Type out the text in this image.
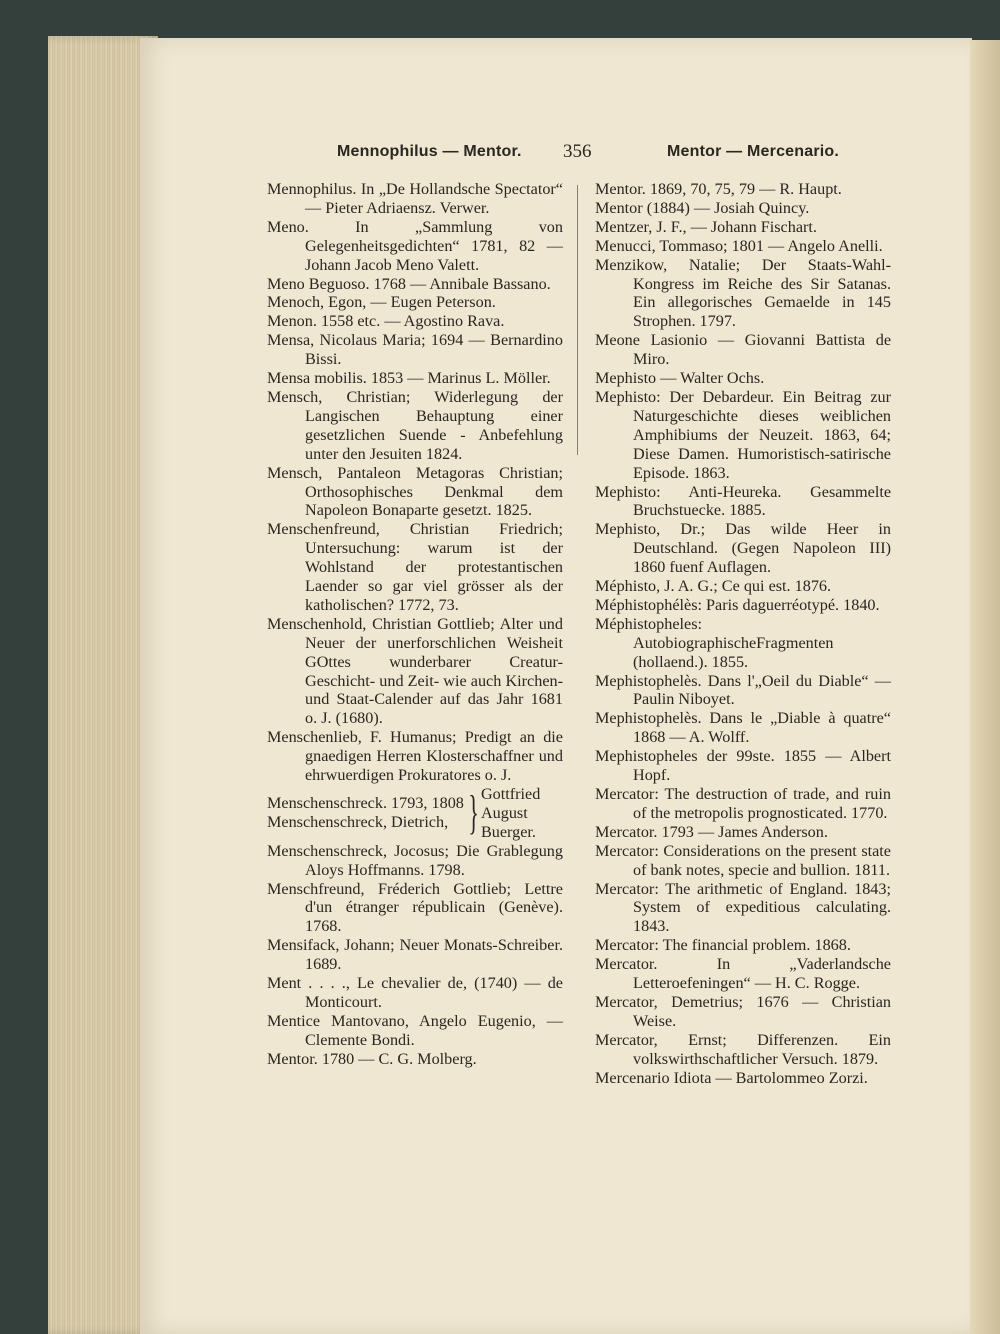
Mennophilus — Mentor. 356	Mentor — Mercenario.
Mennophilus. In „De Hollandsche Spectator“ — Pieter Adriaensz. Verwer.
Meno. In „Sammlung von Gelegenheitsgedichten“ 1781, 82 — Johann Jacob Meno Valett.
Meno Beguoso. 1768 — Annibale Bassano.
Menoch, Egon, — Eugen Peterson.
Menon. 1558 etc. — Agostino Rava.
Mensa, Nicolaus Maria; 1694 — Bernardino Bissi.
Mensa mobilis. 1853 — Marinus L. Möller.
Mensch, Christian; Widerlegung der Langischen Behauptung einer gesetzlichen Suende - Anbefehlung unter den Jesuiten 1824.
Mensch, Pantaleon Metagoras Christian; Orthosophisches Denkmal dem Napoleon Bonaparte gesetzt. 1825.
Menschenfreund, Christian Friedrich; Untersuchung: warum ist der Wohlstand der protestantischen Laender so gar viel grösser als der katholischen? 1772, 73.
Menschenhold, Christian Gottlieb; Alter und Neuer der unerforschlichen Weisheit GOttes wunderbarer Creatur- Geschicht- und Zeit- wie auch Kirchen- und Staat-Calender auf das Jahr 1681 o. J. (1680).
Menschenlieb, F. Humanus; Predigt an die gnaedigen Herren Klosterschaffner und ehrwuerdigen Prokuratores o. J.
Menschenschreck. 1793, 1808
Menschenschreck, Dietrich, } Gottfried
August
Buerger.
Menschenschreck, Jocosus; Die Grablegung Aloys Hoffmanns. 1798.
Menschfreund, Fréderich Gottlieb; Lettre d'un étranger républicain (Genève). 1768.
Mensifack, Johann; Neuer Monats-Schreiber. 1689.
Ment . . . ., Le chevalier de, (1740) — de Monticourt.
Mentice Mantovano, Angelo Eugenio, — Clemente Bondi.
Mentor. 1780 — C. G. Molberg.
Mentor. 1869, 70, 75, 79 — R. Haupt.
Mentor (1884) — Josiah Quincy.
Mentzer, J. F., — Johann Fischart.
Menucci, Tommaso; 1801 — Angelo Anelli.
Menzikow, Natalie; Der Staats-Wahl-Kongress im Reiche des Sir Satanas. Ein allegorisches Gemaelde in 145 Strophen. 1797.
Meone Lasionio — Giovanni Battista de Miro.
Mephisto — Walter Ochs.
Mephisto: Der Debardeur. Ein Beitrag zur Naturgeschichte dieses weiblichen Amphibiums der Neuzeit. 1863, 64; Diese Damen. Humoristisch-satirische Episode. 1863.
Mephisto: Anti-Heureka. Gesammelte Bruchstuecke. 1885.
Mephisto, Dr.; Das wilde Heer in Deutschland. (Gegen Napoleon III) 1860 fuenf Auflagen.
Méphisto, J. A. G.; Ce qui est. 1876.
Méphistophélès: Paris daguerréotypé. 1840.
Méphistopheles: AutobiographischeFragmenten (hollaend.). 1855.
Mephistophelès. Dans l'„Oeil du Diable“ — Paulin Niboyet.
Mephistophelès. Dans le „Diable à quatre“ 1868 — A. Wolff.
Mephistopheles der 99ste. 1855 — Albert Hopf.
Mercator: The destruction of trade, and ruin of the metropolis prognosticated. 1770.
Mercator. 1793 — James Anderson.
Mercator: Considerations on the present state of bank notes, specie and bullion. 1811.
Mercator: The arithmetic of England. 1843; System of expeditious calculating. 1843.
Mercator: The financial problem. 1868.
Mercator. In „Vaderlandsche Letteroefeningen“ — H. C. Rogge.
Mercator, Demetrius; 1676 — Christian Weise.
Mercator, Ernst; Differenzen. Ein volkswirthschaftlicher Versuch. 1879.
Mercenario Idiota — Bartolommeo Zorzi.
